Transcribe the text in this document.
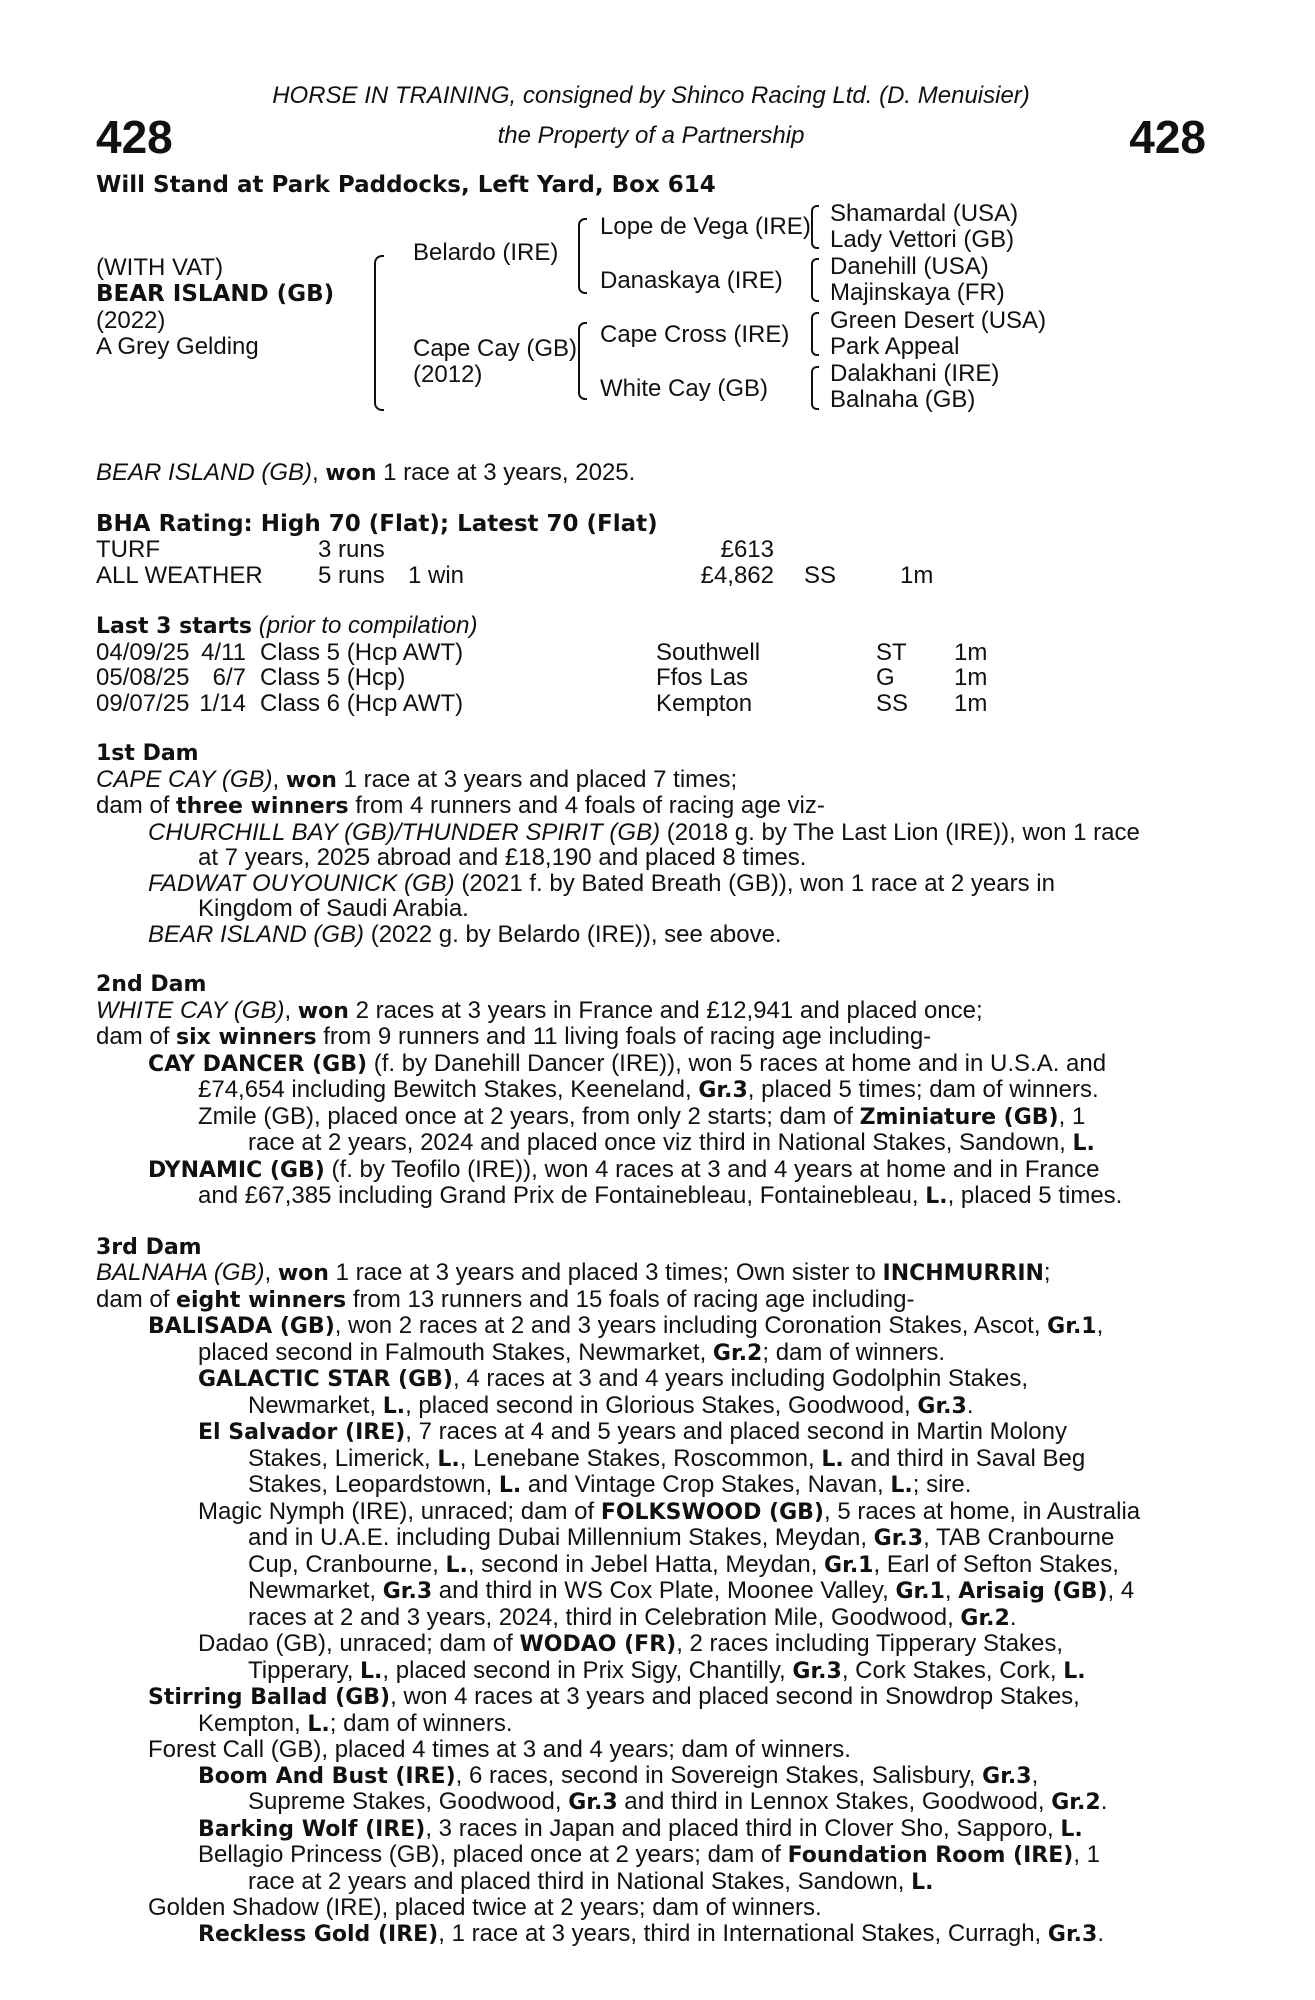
HORSE IN TRAINING, consigned by Shinco Racing Ltd. (D. Menuisier)
428	the Property of a Partnership	428
Will Stand at Park Paddocks, Left Yard, Box 614
(WITH VAT)
BEAR ISLAND (GB)
(2022)
A Grey Gelding
Belardo (IRE)
Cape Cay (GB)
(2012)
Lope de Vega (IRE)
Danaskaya (IRE)
Cape Cross (IRE)
White Cay (GB)
Shamardal (USA)
Lady Vettori (GB)
Danehill (USA)
Majinskaya (FR)
Green Desert (USA)
Park Appeal
Dalakhani (IRE)
Balnaha (GB)
BEAR ISLAND (GB), won 1 race at 3 years, 2025.
BHA Rating: High 70 (Flat); Latest 70 (Flat)
TURF	3 runs	£613
ALL WEATHER	5 runs 1 win	£4,862	SS	1m
Last 3 starts (prior to compilation)
04/09/25 4/11 Class 5 (Hcp AWT)	Southwell	ST	1m
05/08/25 6/7 Class 5 (Hcp)	Ffos Las	G	1m
09/07/25 1/14 Class 6 (Hcp AWT)	Kempton	SS	1m
1st Dam
CAPE CAY (GB), won 1 race at 3 years and placed 7 times;
dam of three winners from 4 runners and 4 foals of racing age viz-
CHURCHILL BAY (GB)/THUNDER SPIRIT (GB) (2018 g. by The Last Lion (IRE)), won 1 race
at 7 years, 2025 abroad and £18,190 and placed 8 times.
FADWAT OUYOUNICK (GB) (2021 f. by Bated Breath (GB)), won 1 race at 2 years in
Kingdom of Saudi Arabia.
BEAR ISLAND (GB) (2022 g. by Belardo (IRE)), see above.
2nd Dam
WHITE CAY (GB), won 2 races at 3 years in France and £12,941 and placed once;
dam of six winners from 9 runners and 11 living foals of racing age including-
CAY DANCER (GB) (f. by Danehill Dancer (IRE)), won 5 races at home and in U.S.A. and
£74,654 including Bewitch Stakes, Keeneland, Gr.3, placed 5 times; dam of winners.
Zmile (GB), placed once at 2 years, from only 2 starts; dam of Zminiature (GB), 1
race at 2 years, 2024 and placed once viz third in National Stakes, Sandown, L.
DYNAMIC (GB) (f. by Teofilo (IRE)), won 4 races at 3 and 4 years at home and in France
and £67,385 including Grand Prix de Fontainebleau, Fontainebleau, L., placed 5 times.
3rd Dam
BALNAHA (GB), won 1 race at 3 years and placed 3 times; Own sister to INCHMURRIN;
dam of eight winners from 13 runners and 15 foals of racing age including-
BALISADA (GB), won 2 races at 2 and 3 years including Coronation Stakes, Ascot, Gr.1,
placed second in Falmouth Stakes, Newmarket, Gr.2; dam of winners.
GALACTIC STAR (GB), 4 races at 3 and 4 years including Godolphin Stakes,
Newmarket, L., placed second in Glorious Stakes, Goodwood, Gr.3.
El Salvador (IRE), 7 races at 4 and 5 years and placed second in Martin Molony
Stakes, Limerick, L., Lenebane Stakes, Roscommon, L. and third in Saval Beg
Stakes, Leopardstown, L. and Vintage Crop Stakes, Navan, L.; sire.
Magic Nymph (IRE), unraced; dam of FOLKSWOOD (GB), 5 races at home, in Australia
and in U.A.E. including Dubai Millennium Stakes, Meydan, Gr.3, TAB Cranbourne
Cup, Cranbourne, L., second in Jebel Hatta, Meydan, Gr.1, Earl of Sefton Stakes,
Newmarket, Gr.3 and third in WS Cox Plate, Moonee Valley, Gr.1, Arisaig (GB), 4
races at 2 and 3 years, 2024, third in Celebration Mile, Goodwood, Gr.2.
Dadao (GB), unraced; dam of WODAO (FR), 2 races including Tipperary Stakes,
Tipperary, L., placed second in Prix Sigy, Chantilly, Gr.3, Cork Stakes, Cork, L.
Stirring Ballad (GB), won 4 races at 3 years and placed second in Snowdrop Stakes,
Kempton, L.; dam of winners.
Forest Call (GB), placed 4 times at 3 and 4 years; dam of winners.
Boom And Bust (IRE), 6 races, second in Sovereign Stakes, Salisbury, Gr.3,
Supreme Stakes, Goodwood, Gr.3 and third in Lennox Stakes, Goodwood, Gr.2.
Barking Wolf (IRE), 3 races in Japan and placed third in Clover Sho, Sapporo, L.
Bellagio Princess (GB), placed once at 2 years; dam of Foundation Room (IRE), 1
race at 2 years and placed third in National Stakes, Sandown, L.
Golden Shadow (IRE), placed twice at 2 years; dam of winners.
Reckless Gold (IRE), 1 race at 3 years, third in International Stakes, Curragh, Gr.3.
